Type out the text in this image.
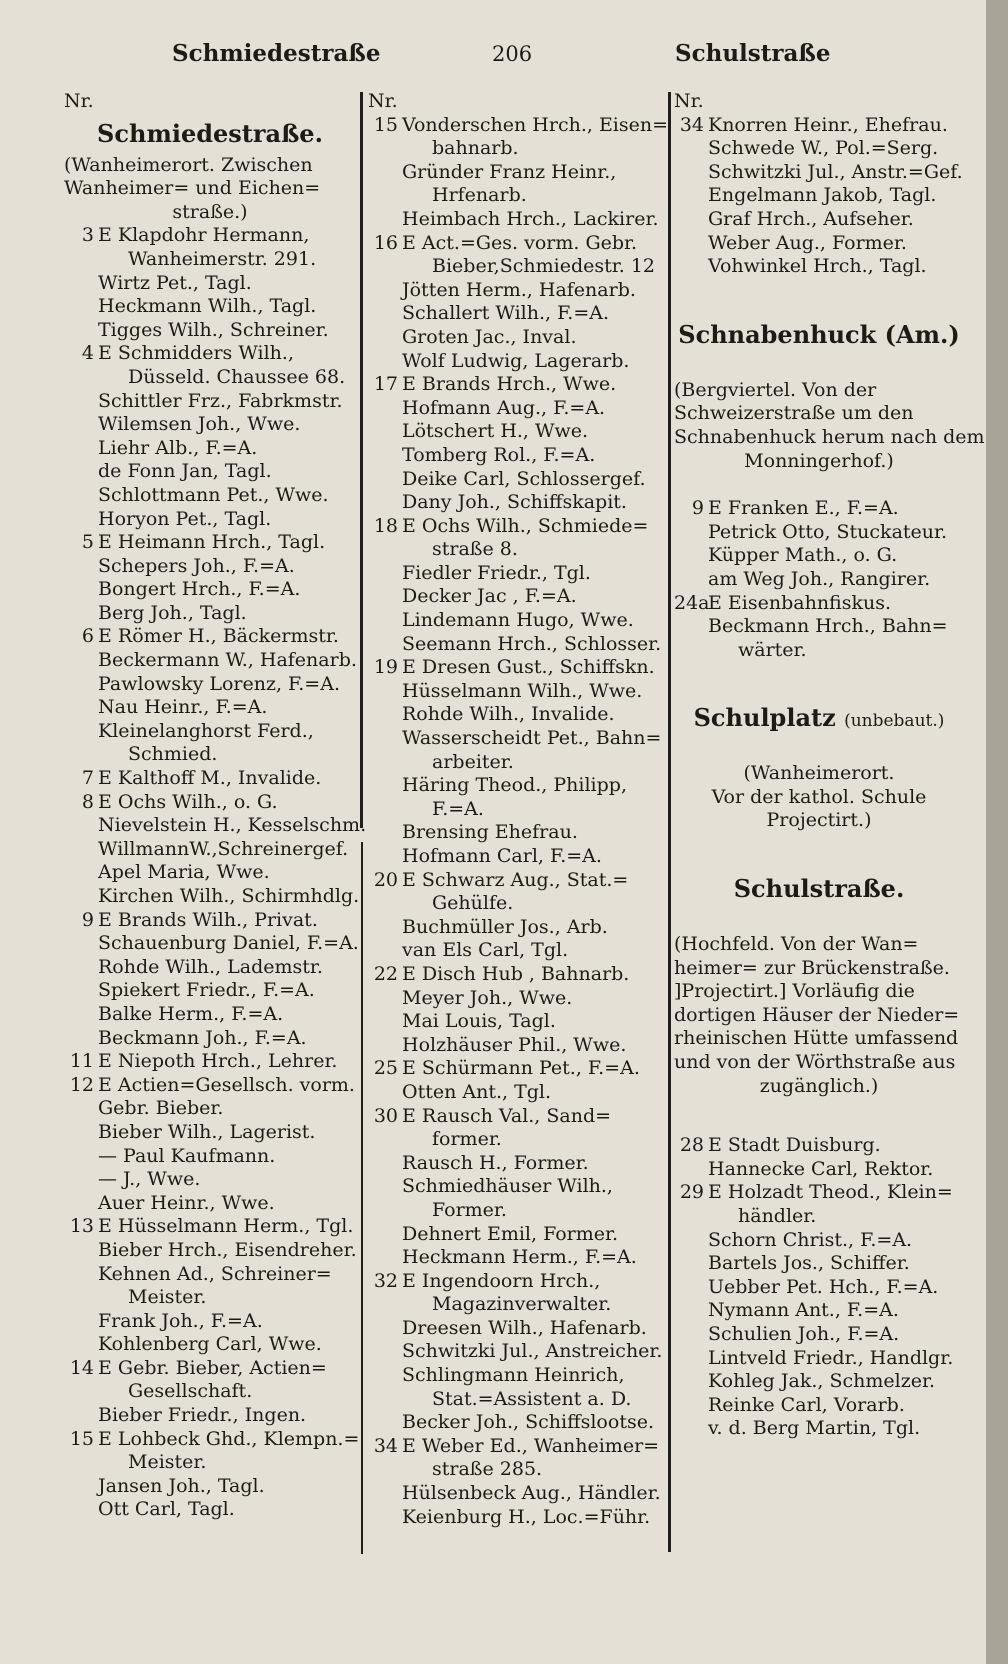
Schmiedestraße	206	Schulstraße
Nr.
Schmiedestraße.
(Wanheimerort. Zwischen
Wanheimer= und Eichen=
straße.)
3 E Klapdohr Hermann,
Wanheimerstr. 291.
Wirtz Pet., Tagl.
Heckmann Wilh., Tagl.
Tigges Wilh., Schreiner.
4 E Schmidders Wilh.,
Düsseld. Chaussee 68.
Schittler Frz., Fabrkmstr.
Wilemsen Joh., Wwe.
Liehr Alb., F.=A.
de Fonn Jan, Tagl.
Schlottmann Pet., Wwe.
Horyon Pet., Tagl.
5 E Heimann Hrch., Tagl.
Schepers Joh., F.=A.
Bongert Hrch., F.=A.
Berg Joh., Tagl.
6 E Römer H., Bäckermstr.
Beckermann W., Hafenarb.
Pawlowsky Lorenz, F.=A.
Nau Heinr., F.=A.
Kleinelanghorst Ferd.,
Schmied.
7 E Kalthoff M., Invalide.
8 E Ochs Wilh., o. G.
Nievelstein H., Kesselschm.
WillmannW.,Schreinergef.
Apel Maria, Wwe.
Kirchen Wilh., Schirmhdlg.
9 E Brands Wilh., Privat.
Schauenburg Daniel, F.=A.
Rohde Wilh., Lademstr.
Spiekert Friedr., F.=A.
Balke Herm., F.=A.
Beckmann Joh., F.=A.
11 E Niepoth Hrch., Lehrer.
12 E Actien=Gesellsch. vorm.
Gebr. Bieber.
Bieber Wilh., Lagerist.
— Paul Kaufmann.
— J., Wwe.
Auer Heinr., Wwe.
13 E Hüsselmann Herm., Tgl.
Bieber Hrch., Eisendreher.
Kehnen Ad., Schreiner=
Meister.
Frank Joh., F.=A.
Kohlenberg Carl, Wwe.
14 E Gebr. Bieber, Actien=
Gesellschaft.
Bieber Friedr., Ingen.
15 E Lohbeck Ghd., Klempn.=
Meister.
Jansen Joh., Tagl.
Ott Carl, Tagl.
Nr.
15 Vonderschen Hrch., Eisen=
bahnarb.
Gründer Franz Heinr.,
Hrfenarb.
Heimbach Hrch., Lackirer.
16 E Act.=Ges. vorm. Gebr.
Bieber,Schmiedestr. 12
Jötten Herm., Hafenarb.
Schallert Wilh., F.=A.
Groten Jac., Inval.
Wolf Ludwig, Lagerarb.
17 E Brands Hrch., Wwe.
Hofmann Aug., F.=A.
Lötschert H., Wwe.
Tomberg Rol., F.=A.
Deike Carl, Schlossergef.
Dany Joh., Schiffskapit.
18 E Ochs Wilh., Schmiede=
straße 8.
Fiedler Friedr., Tgl.
Decker Jac , F.=A.
Lindemann Hugo, Wwe.
Seemann Hrch., Schlosser.
19 E Dresen Gust., Schiffskn.
Hüsselmann Wilh., Wwe.
Rohde Wilh., Invalide.
Wasserscheidt Pet., Bahn=
arbeiter.
Häring Theod., Philipp,
F.=A.
Brensing Ehefrau.
Hofmann Carl, F.=A.
20 E Schwarz Aug., Stat.=
Gehülfe.
Buchmüller Jos., Arb.
van Els Carl, Tgl.
22 E Disch Hub , Bahnarb.
Meyer Joh., Wwe.
Mai Louis, Tagl.
Holzhäuser Phil., Wwe.
25 E Schürmann Pet., F.=A.
Otten Ant., Tgl.
30 E Rausch Val., Sand=
former.
Rausch H., Former.
Schmiedhäuser Wilh.,
Former.
Dehnert Emil, Former.
Heckmann Herm., F.=A.
32 E Ingendoorn Hrch.,
Magazinverwalter.
Dreesen Wilh., Hafenarb.
Schwitzki Jul., Anstreicher.
Schlingmann Heinrich,
Stat.=Assistent a. D.
Becker Joh., Schiffslootse.
34 E Weber Ed., Wanheimer=
straße 285.
Hülsenbeck Aug., Händler.
Keienburg H., Loc.=Führ.
Nr.
34 Knorren Heinr., Ehefrau.
Schwede W., Pol.=Serg.
Schwitzki Jul., Anstr.=Gef.
Engelmann Jakob, Tagl.
Graf Hrch., Aufseher.
Weber Aug., Former.
Vohwinkel Hrch., Tagl.
Schnabenhuck (Am.)
(Bergviertel. Von der
Schweizerstraße um den
Schnabenhuck herum nach dem
Monningerhof.)
9 E Franken E., F.=A.
Petrick Otto, Stuckateur.
Küpper Math., o. G.
am Weg Joh., Rangirer.
24aE Eisenbahnfiskus.
Beckmann Hrch., Bahn=
wärter.
Schulplatz (unbebaut.)
(Wanheimerort.
Vor der kathol. Schule
Projectirt.)
Schulstraße.
(Hochfeld. Von der Wan=
heimer= zur Brückenstraße.
]Projectirt.] Vorläufig die
dortigen Häuser der Nieder=
rheinischen Hütte umfassend
und von der Wörthstraße aus
zugänglich.)
28 E Stadt Duisburg.
Hannecke Carl, Rektor.
29 E Holzadt Theod., Klein=
händler.
Schorn Christ., F.=A.
Bartels Jos., Schiffer.
Uebber Pet. Hch., F.=A.
Nymann Ant., F.=A.
Schulien Joh., F.=A.
Lintveld Friedr., Handlgr.
Kohleg Jak., Schmelzer.
Reinke Carl, Vorarb.
v. d. Berg Martin, Tgl.
